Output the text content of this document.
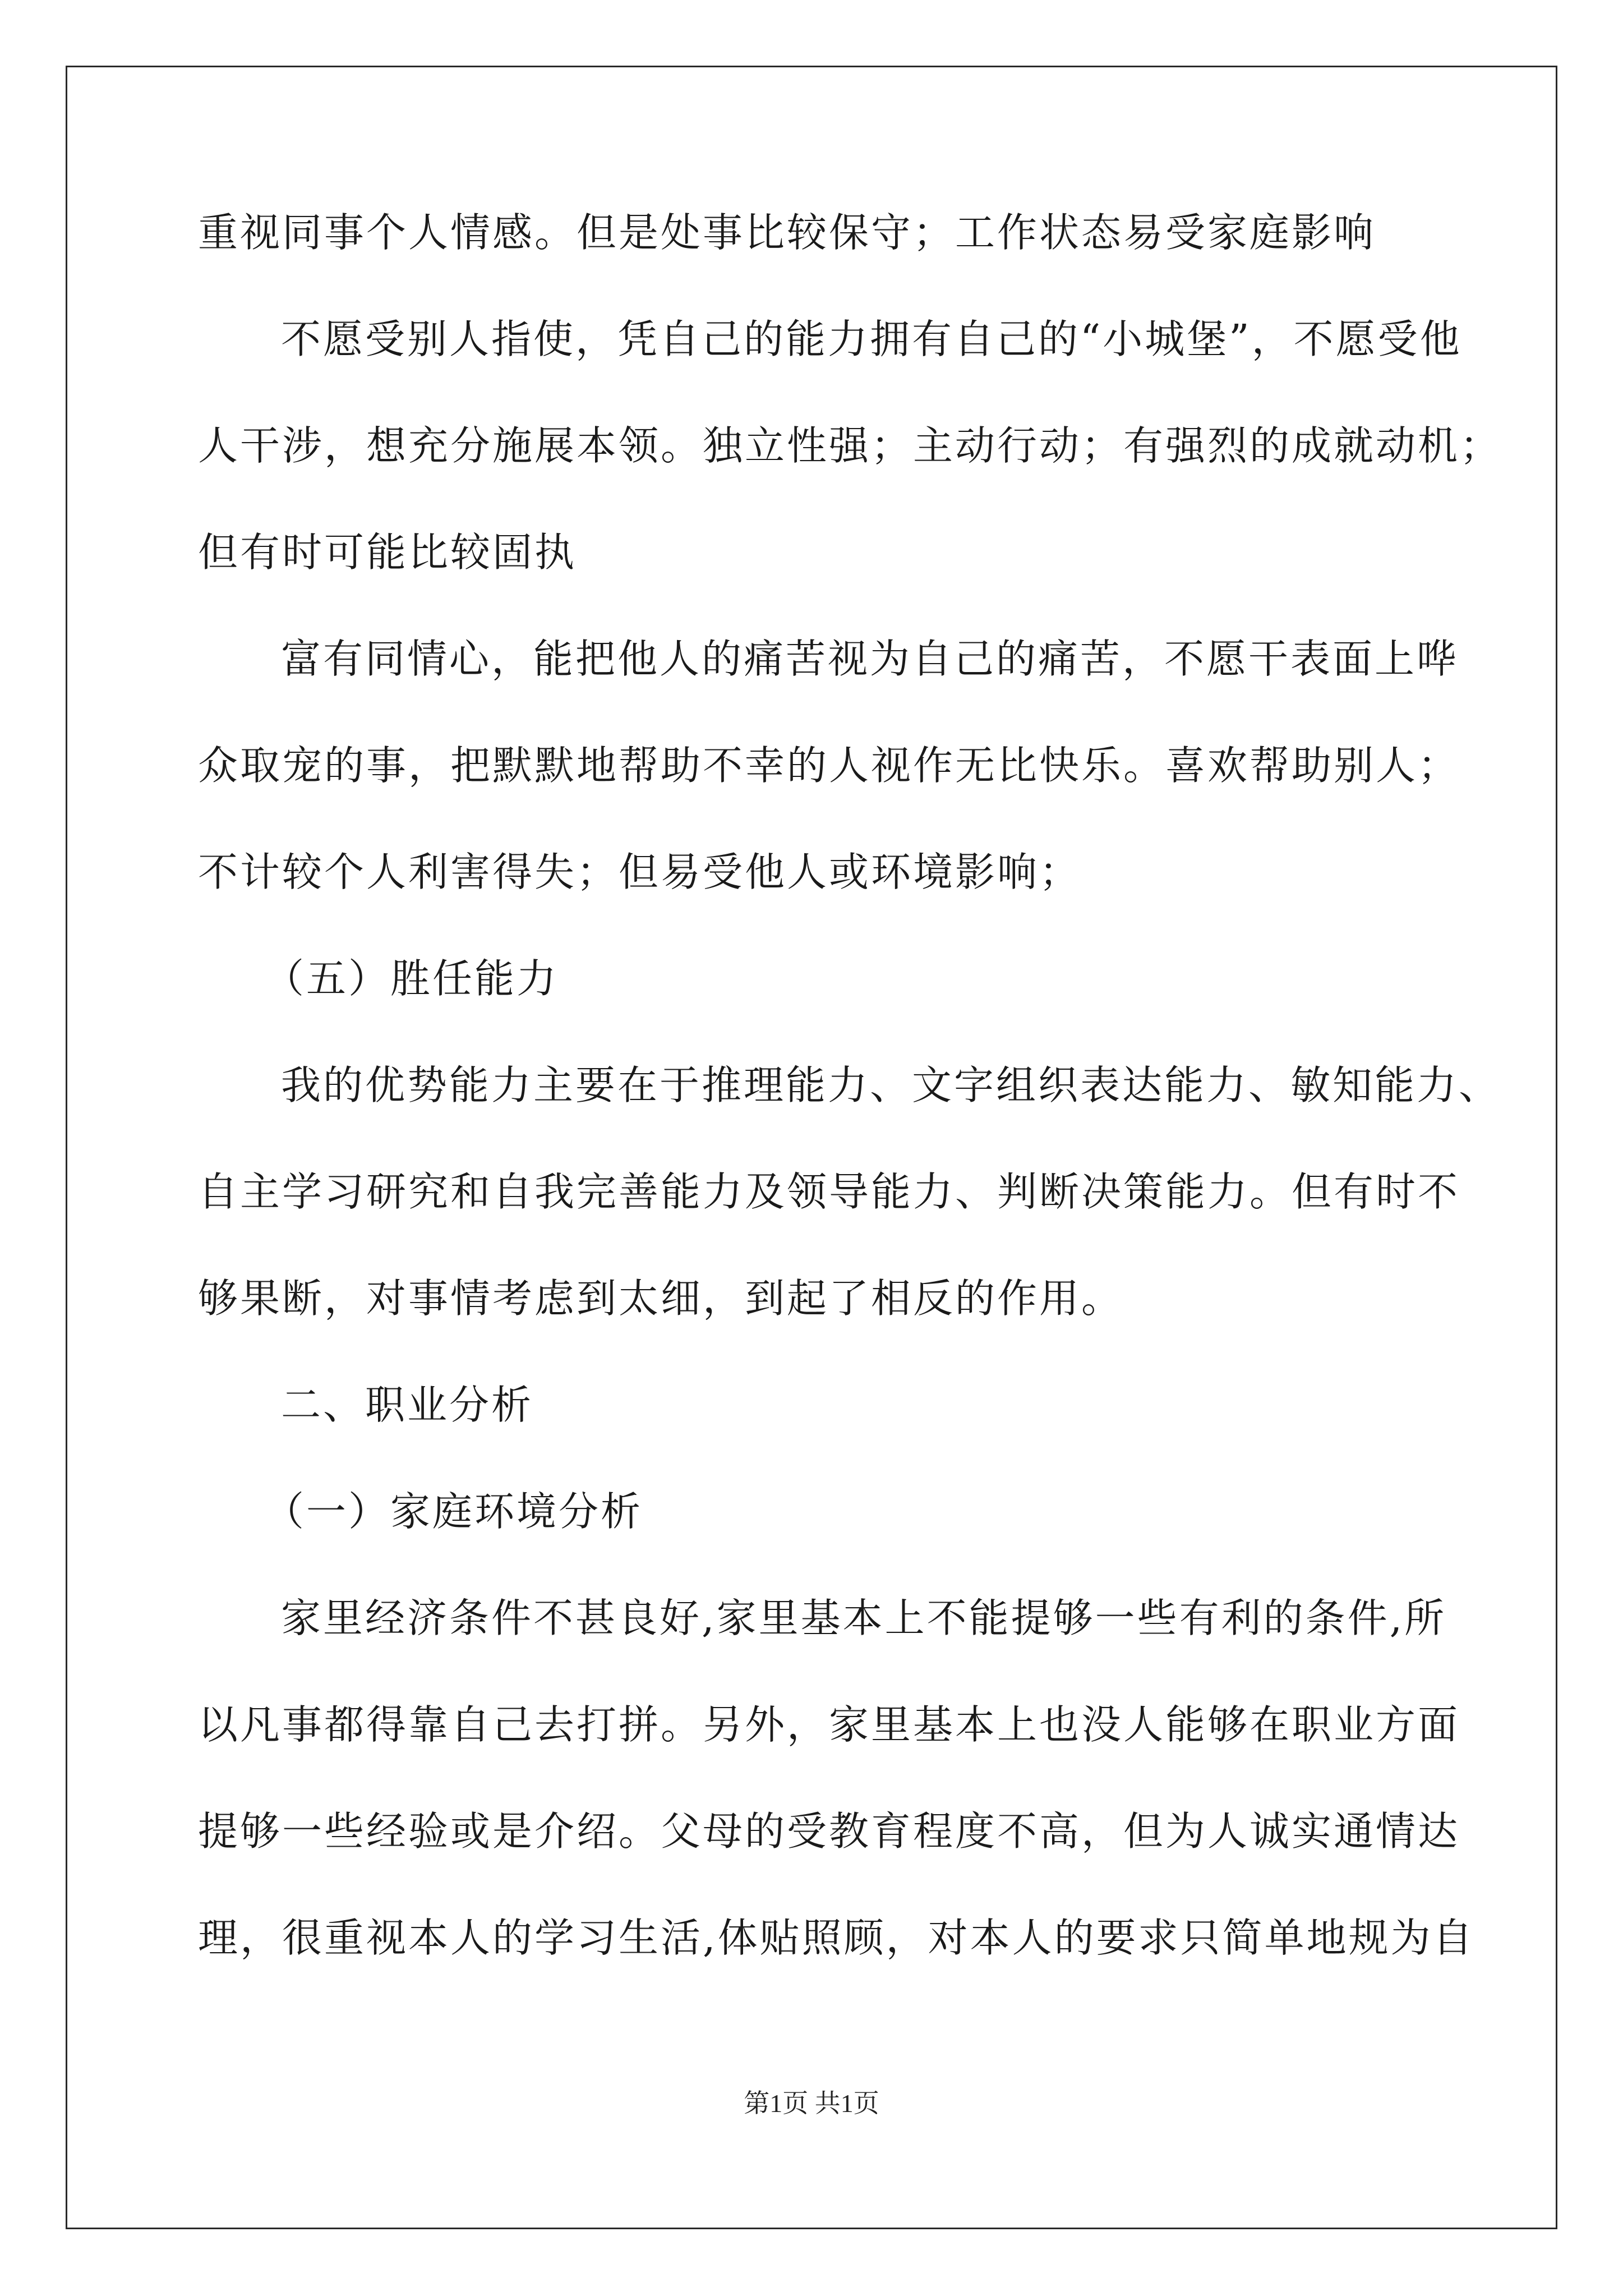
重视同事个人情感。但是处事比较保守；工作状态易受家庭影响
不愿受别人指使，凭自己的能力拥有自己的“小城堡”，不愿受他
人干涉，想充分施展本领。独立性强；主动行动；有强烈的成就动机；
但有时可能比较固执
富有同情心，能把他人的痛苦视为自己的痛苦，不愿干表面上哗
众取宠的事，把默默地帮助不幸的人视作无比快乐。喜欢帮助别人；
不计较个人利害得失；但易受他人或环境影响；
（五）胜任能力
我的优势能力主要在于推理能力、文字组织表达能力、敏知能力、
自主学习研究和自我完善能力及领导能力、判断决策能力。但有时不
够果断，对事情考虑到太细，到起了相反的作用。
二、职业分析
（一）家庭环境分析
家里经济条件不甚良好,家里基本上不能提够一些有利的条件,所
以凡事都得靠自己去打拼。另外，家里基本上也没人能够在职业方面
提够一些经验或是介绍。父母的受教育程度不高，但为人诚实通情达
理，很重视本人的学习生活,体贴照顾，对本人的要求只简单地规为自
第1页 共1页
